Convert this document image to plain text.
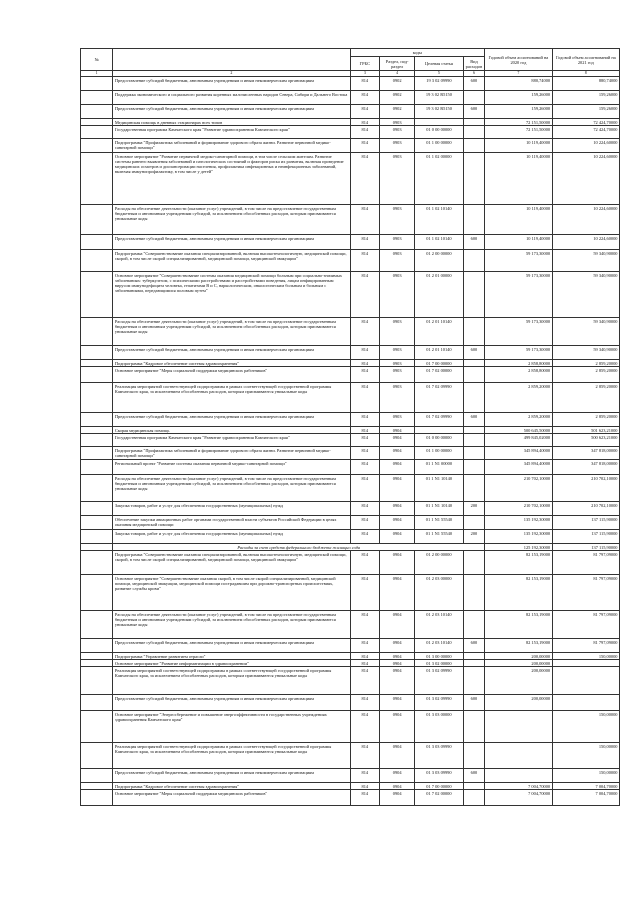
№		коды				Годовой объем ассигнований на 2020 год	Годовой объем ассигнований на 2021 год
		ГРБС	Раздел, под-раздел	Целевая статья	Вид расходов		
1	2	3	4	5	6	7	8
	Предоставление субсидий бюджетным, автономным учреждениям и иным некоммерческим организациям	814	0902	19 3 02 09990	600	880,74000	880,74000
	Поддержка экономического и социального развития коренных малочисленных народов Севера, Сибири и Дальнего Востока	814	0902	19 3 02 R5150		159,26000	159,26000
	Предоставление субсидий бюджетным, автономным учреждениям и иным некоммерческим организациям	814	0902	19 3 02 R5150	600	159,26000	159,26000
	Медицинская помощь в дневных стационарах всех типов	814	0903			72 151,50000	72 424,70000
	Государственная программа Камчатского края "Развитие здравоохранения Камчатского края"	814	0903	01 0 00 00000		72 151,50000	72 424,70000
	Подпрограмма "Профилактика заболеваний и формирование здорового образа жизни. Развитие первичной медико-санитарной помощи"	814	0903	01 1 00 00000		10 119,40000	10 224,60000
	Основное мероприятие "Развитие первичной медико-санитарной помощи, в том числе сельским жителям. Развитие системы раннего выявления заболеваний и патологических состояний и факторов риска их развития, включая проведение медицинских осмотров и диспансеризации населения, профилактика инфекционных и неинфекционных заболеваний, включая иммунопрофилактику, в том числе у детей"	814	0903	01 1 02 00000		10 119,40000	10 224,60000
	Расходы на обеспечение деятельности (оказание услуг) учреждений, в том числе на предоставление государственным бюджетным и автономным учреждениям субсидий, за исключением обособленных расходов, которым присваиваются уникальные коды	814	0903	01 1 02 10140		10 119,40000	10 224,60000
	Предоставление субсидий бюджетным, автономным учреждениям и иным некоммерческим организациям	814	0903	01 1 02 10140	600	10 119,40000	10 224,60000
	Подпрограмма "Совершенствование оказания специализированной, включая высокотехнологичную, медицинской помощи, скорой, в том числе скорой специализированной, медицинской помощи, медицинской эвакуации"	814	0903	01 2 00 00000		59 173,30000	59 340,90000
	Основное мероприятие "Совершенствование системы оказания медицинской помощи больным при социально-значимых заболеваниях: туберкулезом, с психическими расстройствами и расстройствами поведения, лицам инфицированным вирусом иммунодефицита человека, гепатитами B и C, наркологическим, онкологическим больным и больным с заболеваниями, передающимися половым путем"	814	0903	01 2 01 00000		59 173,30000	59 340,90000
	Расходы на обеспечение деятельности (оказание услуг) учреждений, в том числе на предоставление государственным бюджетным и автономным учреждениям субсидий, за исключением обособленных расходов, которым присваиваются уникальные коды	814	0903	01 2 01 10140		59 173,30000	59 340,90000
	Предоставление субсидий бюджетным, автономным учреждениям и иным некоммерческим организациям	814	0903	01 2 01 10140	600	59 173,30000	59 340,90000
	Подпрограмма "Кадровое обеспечение системы здравоохранения"	814	0903	01 7 00 00000		2 858,80000	2 859,20000
	Основное мероприятие "Меры социальной поддержки медицинских работников"	814	0903	01 7 02 00000		2 858,80000	2 859,20000
	Реализация мероприятий соответствующей подпрограммы в рамках соответствующей государственной программы Камчатского края, за исключением обособленных расходов, которым присваиваются уникальные коды	814	0903	01 7 02 09990		2 859,20000	2 859,20000
	Предоставление субсидий бюджетным, автономным учреждениям и иным некоммерческим организациям	814	0903	01 7 02 09990	600	2 859,20000	2 859,20000
	Скорая медицинская помощь	814	0904			500 645,50000	501 623,21000
	Государственная программа Камчатского края "Развитие здравоохранения Камчатского края"	814	0904	01 0 00 00000		499 845,02000	500 623,21000
	Подпрограмма "Профилактика заболеваний и формирование здорового образа жизни. Развитие первичной медико-санитарной помощи"	814	0904	01 1 00 00000		345 894,40000	347 818,00000
	Региональный проект "Развитие системы оказания первичной медико-санитарной помощи"	814	0904	01 1 N1 00000		345 894,40000	347 818,00000
	Расходы на обеспечение деятельности (оказание услуг) учреждений, в том числе на предоставление государственным бюджетным и автономным учреждениям субсидий, за исключением обособленных расходов, которым присваиваются уникальные коды	814	0904	01 1 N1 10140		210 702,10000	210 702,10000
	Закупка товаров, работ и услуг для обеспечения государственных (муниципальных) нужд	814	0904	01 1 N1 10140	200	210 702,10000	210 702,10000
	Обеспечение закупки авиационных работ органами государственной власти субъектов Российской Федерации в целях оказания медицинской помощи	814	0904	01 1 N1 55540		135 192,30000	137 115,90000
	Закупка товаров, работ и услуг для обеспечения государственных (муниципальных) нужд	814	0904	01 1 N1 55540	200	135 192,30000	137 115,90000
	Расходы за счет средств федерального бюджета жилищно сода					125 192,30000	137 115,90000
	Подпрограмма "Совершенствование оказания специализированной, включая высокотехнологичную, медицинской помощи, скорой, в том числе скорой специализированной, медицинской помощи, медицинской эвакуации"	814	0904	01 2 00 00000		82 153,19000	81 797,09000
	Основное мероприятие "Совершенствование оказания скорой, в том числе скорой специализированной, медицинской помощи, медицинской эвакуации, медицинской помощи пострадавшим при дорожно-транспортных происшествиях, развитие службы крови"	814	0904	01 2 03 00000		82 153,19000	81 797,09000
	Расходы на обеспечение деятельности (оказание услуг) учреждений, в том числе на предоставление государственным бюджетным и автономным учреждениям субсидий, за исключением обособленных расходов, которым присваиваются уникальные коды	814	0904	01 2 03 10140		82 153,19000	81 797,09000
	Предоставление субсидий бюджетным, автономным учреждениям и иным некоммерческим организациям	814	0904	01 2 03 10140	600	82 153,19000	81 797,09000
	Подпрограмма "Управление развитием отрасли"	814	0904	01 3 00 00000		200,00000	150,00000
	Основное мероприятие "Развитие информатизации в здравоохранении"	814	0904	01 3 02 00000		200,00000	
	Реализация мероприятий соответствующей подпрограммы в рамках соответствующей государственной программы Камчатского края, за исключением обособленных расходов, которым присваиваются уникальные коды	814	0904	01 3 02 09990		200,00000	
	Предоставление субсидий бюджетным, автономным учреждениям и иным некоммерческим организациям	814	0904	01 3 02 09990	600	200,00000	
	Основное мероприятие "Энергосбережение и повышение энергоэффективности в государственных учреждениях здравоохранения Камчатского края"	814	0904	01 3 03 00000			150,00000
	Реализация мероприятий соответствующей подпрограммы в рамках соответствующей государственной программы Камчатского края, за исключением обособленных расходов, которым присваиваются уникальные коды	814	0904	01 3 03 09990			150,00000
	Предоставление субсидий бюджетным, автономным учреждениям и иным некоммерческим организациям	814	0904	01 3 03 09990	600		150,00000
	Подпрограмма "Кадровое обеспечение системы здравоохранения"	814	0904	01 7 00 00000		7 004,70000	7 004,70000
	Основное мероприятие "Меры социальной поддержки медицинских работников"	814	0904	01 7 02 00000		7 004,70000	7 004,70000
